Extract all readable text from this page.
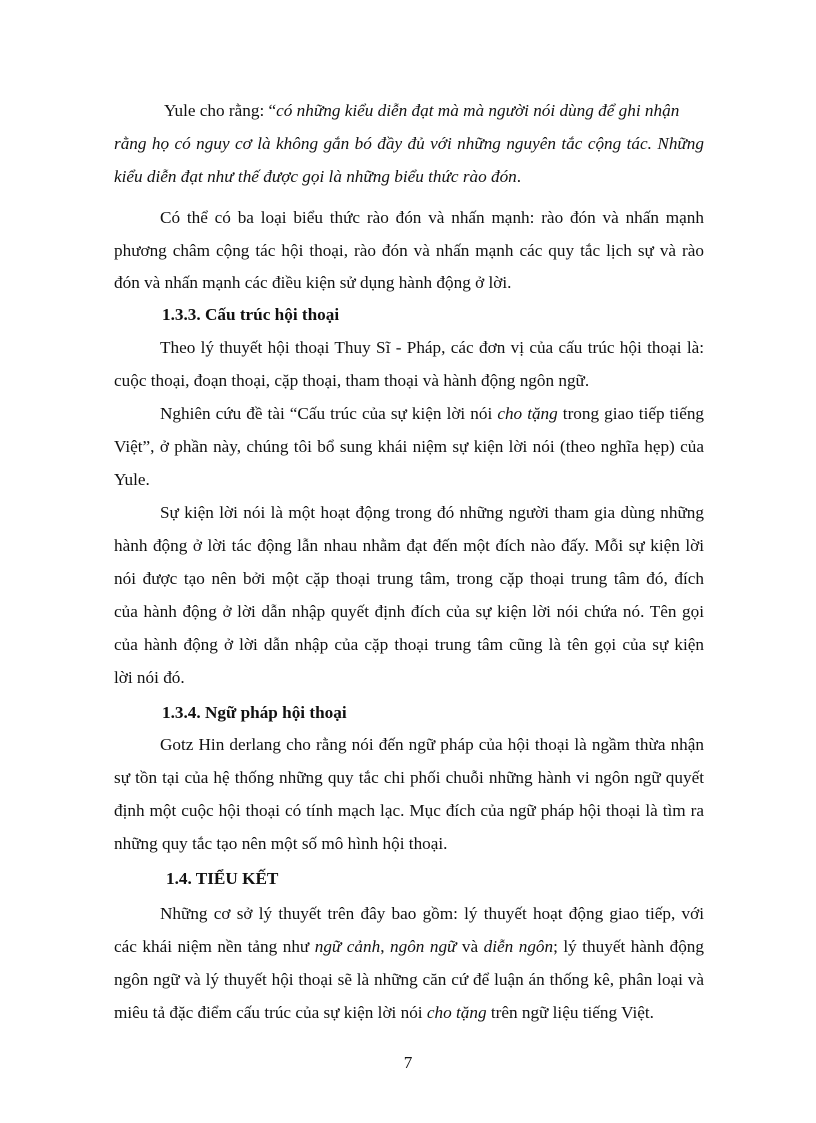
Yule cho rằng: “có những kiểu diễn đạt mà mà người nói dùng để ghi nhận
rằng họ có nguy cơ là không gắn bó đầy đủ với những nguyên tắc cộng tác. Những
kiểu diễn đạt như thế được gọi là những biểu thức rào đón.
Có thể có ba loại biểu thức rào đón và nhấn mạnh: rào đón và nhấn mạnh
phương châm cộng tác hội thoại, rào đón và nhấn mạnh các quy tắc lịch sự và rào
đón và nhấn mạnh các điều kiện sử dụng hành động ở lời.
1.3.3. Cấu trúc hội thoại
Theo lý thuyết hội thoại Thuy Sĩ - Pháp, các đơn vị của cấu trúc hội thoại là:
cuộc thoại, đoạn thoại, cặp thoại, tham thoại và hành động ngôn ngữ.
Nghiên cứu đề tài “Cấu trúc của sự kiện lời nói cho tặng trong giao tiếp tiếng
Việt”, ở phần này, chúng tôi bổ sung khái niệm sự kiện lời nói (theo nghĩa hẹp) của
Yule.
Sự kiện lời nói là một hoạt động trong đó những người tham gia dùng những
hành động ở lời tác động lẫn nhau nhằm đạt đến một đích nào đấy. Mỗi sự kiện lời
nói được tạo nên bởi một cặp thoại trung tâm, trong cặp thoại trung tâm đó, đích
của hành động ở lời dẫn nhập quyết định đích của sự kiện lời nói chứa nó. Tên gọi
của hành động ở lời dẫn nhập của cặp thoại trung tâm cũng là tên gọi của sự kiện
lời nói đó.
1.3.4. Ngữ pháp hội thoại
Gotz Hin derlang cho rằng nói đến ngữ pháp của hội thoại là ngầm thừa nhận
sự tồn tại của hệ thống những quy tắc chi phối chuỗi những hành vi ngôn ngữ quyết
định một cuộc hội thoại có tính mạch lạc. Mục đích của ngữ pháp hội thoại là tìm ra
những quy tắc tạo nên một số mô hình hội thoại.
1.4. TIỂU KẾT
Những cơ sở lý thuyết trên đây bao gồm: lý thuyết hoạt động giao tiếp, với
các khái niệm nền tảng như ngữ cảnh, ngôn ngữ và diễn ngôn; lý thuyết hành động
ngôn ngữ và lý thuyết hội thoại sẽ là những căn cứ để luận án thống kê, phân loại và
miêu tả đặc điểm cấu trúc của sự kiện lời nói cho tặng trên ngữ liệu tiếng Việt.
7
